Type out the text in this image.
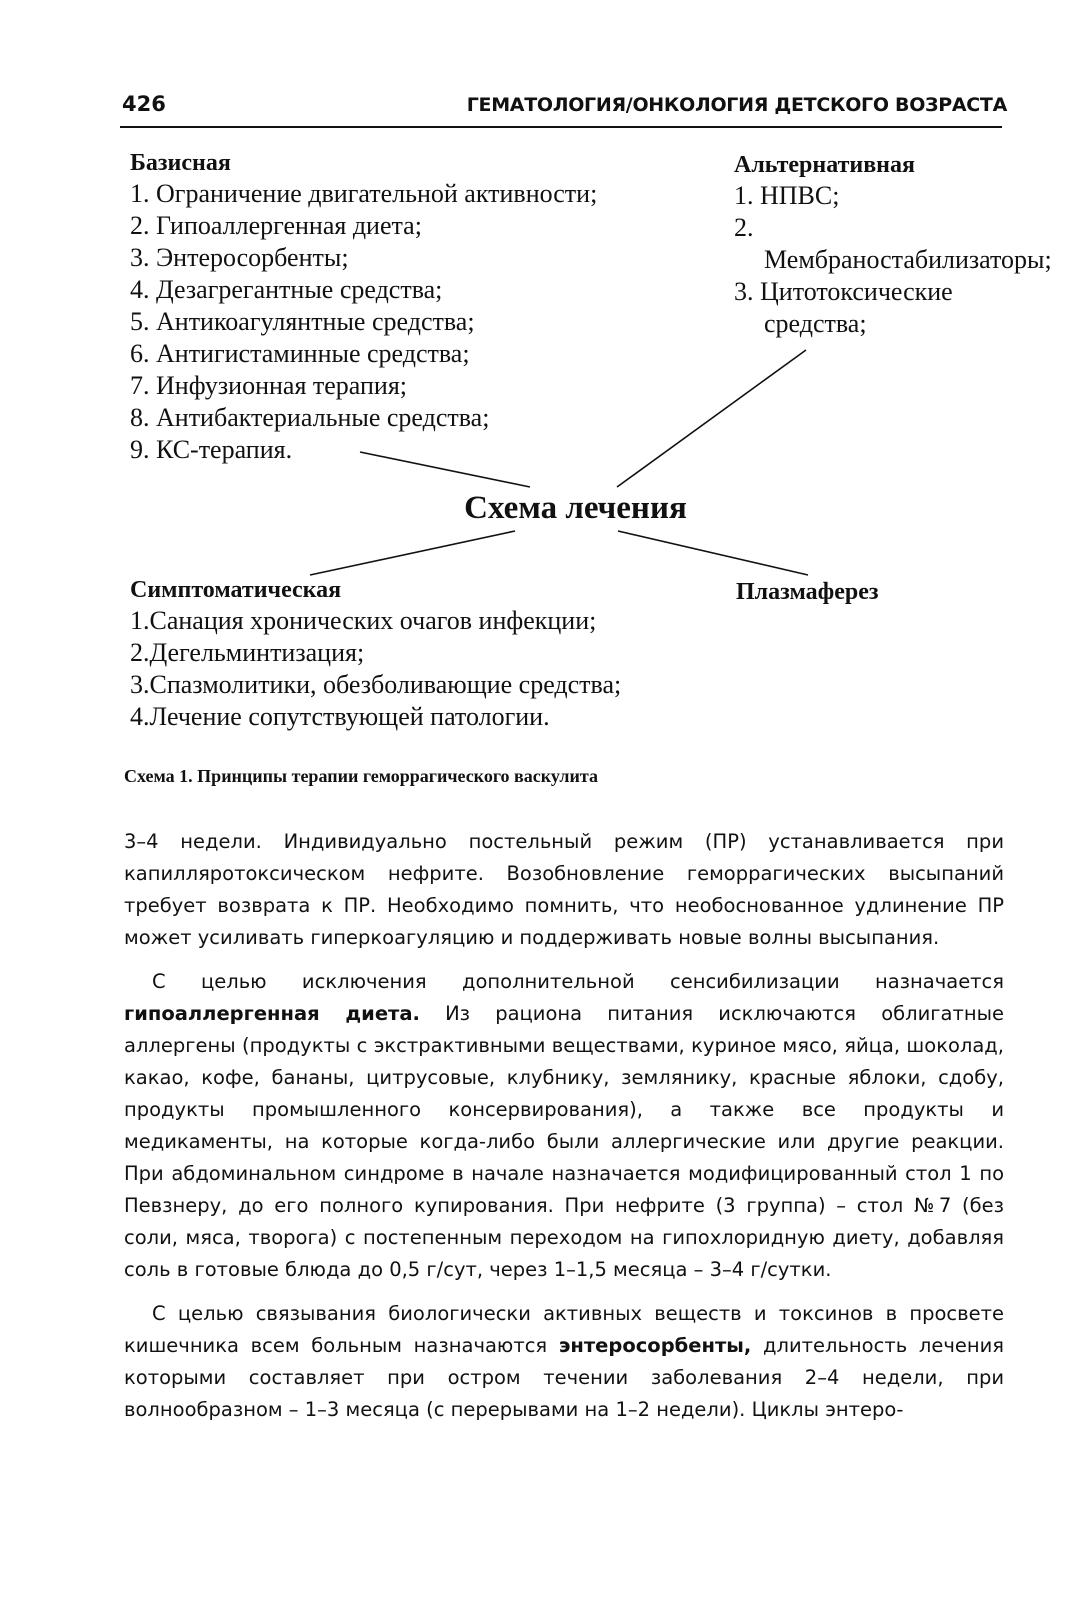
426	ГЕМАТОЛОГИЯ/ОНКОЛОГИЯ ДЕТСКОГО ВОЗРАСТА
Базисная
1. Ограничение двигательной активности;
2. Гипоаллергенная диета;
3. Энтеросорбенты;
4. Дезагрегантные средства;
5. Антикоагулянтные средства;
6. Антигистаминные средства;
7. Инфузионная терапия;
8. Антибактериальные средства;
9. КС-терапия.
Альтернативная
1. НПВС;
2. Мембраностабилизаторы;
3. Цитотоксические средства;
Схема лечения
Симптоматическая
1.Санация хронических очагов инфекции;
2.Дегельминтизация;
3.Спазмолитики, обезболивающие средства;
4.Лечение сопутствующей патологии.
Плазмаферез
Схема 1. Принципы терапии геморрагического васкулита

3–4 недели. Индивидуально постельный режим (ПР) устанавливается при капилляротоксическом нефрите. Возобновление геморрагических высыпаний требует возврата к ПР. Необходимо помнить, что необоснованное удлинение ПР может усиливать гиперкоагуляцию и поддерживать новые волны высыпания.

С целью исключения дополнительной сенсибилизации назначается гипоаллергенная диета. Из рациона питания исключаются облигатные аллергены (продукты с экстрактивными веществами, куриное мясо, яйца, шоколад, какао, кофе, бананы, цитрусовые, клубнику, землянику, красные яблоки, сдобу, продукты промышленного консервирования), а также все продукты и медикаменты, на которые когда-либо были аллергические или другие реакции. При абдоминальном синдроме в начале назначается модифицированный стол 1 по Певзнеру, до его полного купирования. При нефрите (3 группа) – стол №7 (без соли, мяса, творога) с постепенным переходом на гипохлоридную диету, добавляя соль в готовые блюда до 0,5 г/сут, через 1–1,5 месяца – 3–4 г/сутки.

С целью связывания биологически активных веществ и токсинов в просвете кишечника всем больным назначаются энтеросорбенты, длительность лечения которыми составляет при остром течении заболевания 2–4 недели, при волнообразном – 1–3 месяца (с перерывами на 1–2 недели). Циклы энтеро-
